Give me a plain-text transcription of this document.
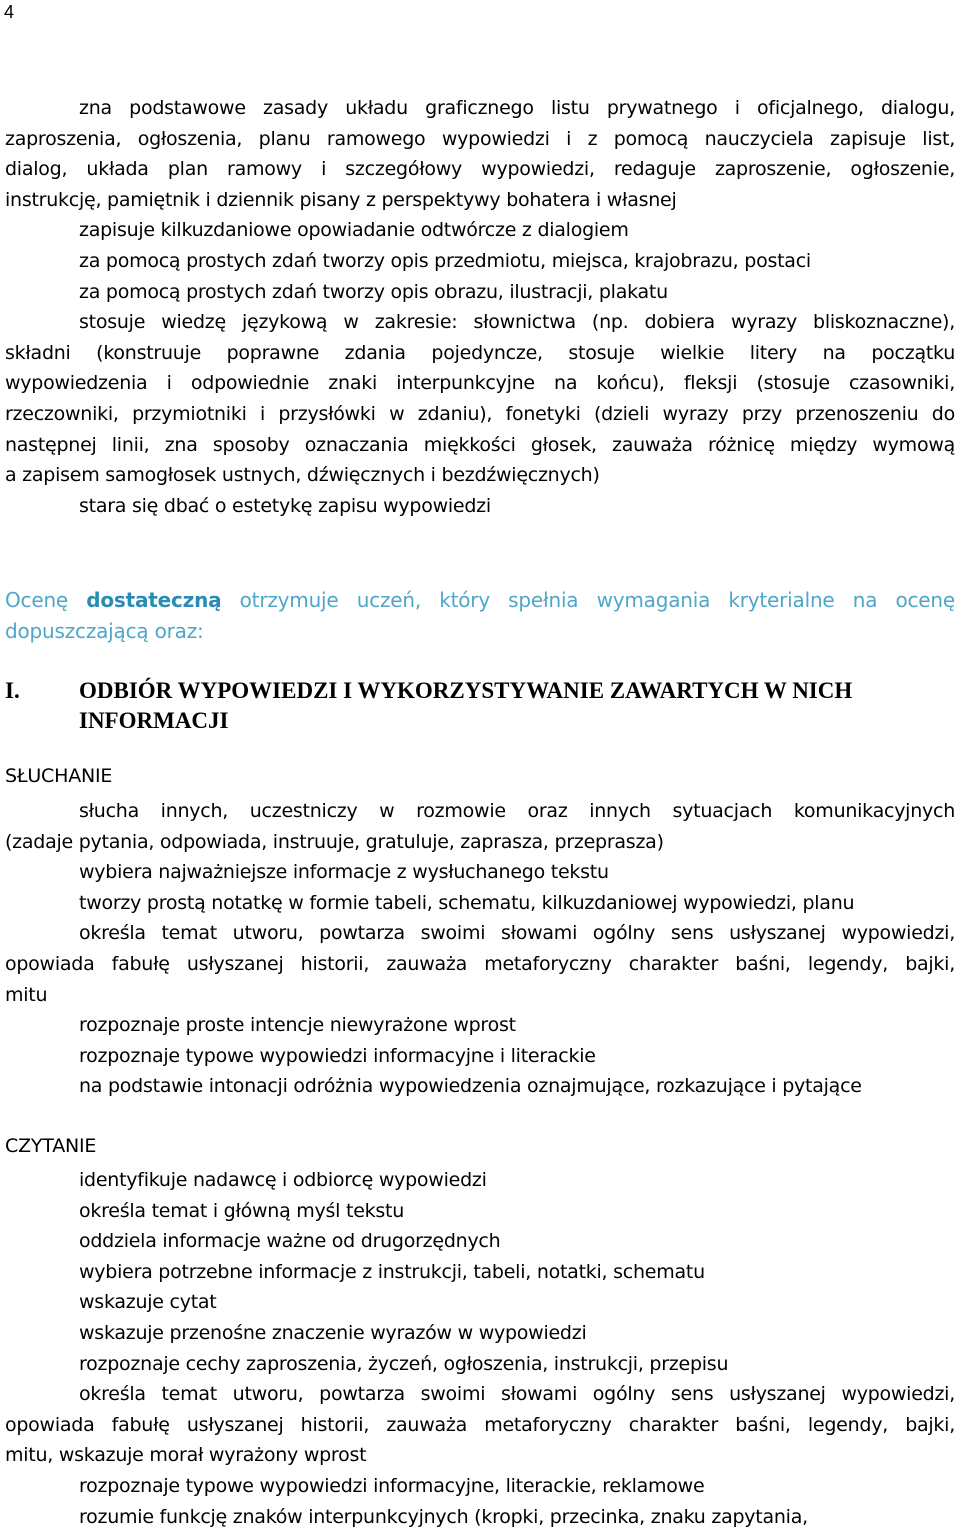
4
zna podstawowe zasady układu graficznego listu prywatnego i oficjalnego, dialogu,
zaproszenia, ogłoszenia, planu ramowego wypowiedzi i z pomocą nauczyciela zapisuje list,
dialog, układa plan ramowy i szczegółowy wypowiedzi, redaguje zaproszenie, ogłoszenie,
instrukcję, pamiętnik i dziennik pisany z perspektywy bohatera i własnej
zapisuje kilkuzdaniowe opowiadanie odtwórcze z dialogiem
za pomocą prostych zdań tworzy opis przedmiotu, miejsca, krajobrazu, postaci
za pomocą prostych zdań tworzy opis obrazu, ilustracji, plakatu
stosuje wiedzę językową w zakresie: słownictwa (np. dobiera wyrazy bliskoznaczne),
składni (konstruuje poprawne zdania pojedyncze, stosuje wielkie litery na początku
wypowiedzenia i odpowiednie znaki interpunkcyjne na końcu), fleksji (stosuje czasowniki,
rzeczowniki, przymiotniki i przysłówki w zdaniu), fonetyki (dzieli wyrazy przy przenoszeniu do
następnej linii, zna sposoby oznaczania miękkości głosek, zauważa różnicę między wymową
a zapisem samogłosek ustnych, dźwięcznych i bezdźwięcznych)
stara się dbać o estetykę zapisu wypowiedzi
Ocenę dostateczną otrzymuje uczeń, który spełnia wymagania kryterialne na ocenę
dopuszczającą oraz:
I.	ODBIÓR WYPOWIEDZI I WYKORZYSTYWANIE ZAWARTYCH W NICH
INFORMACJI
SŁUCHANIE
słucha innych, uczestniczy w rozmowie oraz innych sytuacjach komunikacyjnych
(zadaje pytania, odpowiada, instruuje, gratuluje, zaprasza, przeprasza)
wybiera najważniejsze informacje z wysłuchanego tekstu
tworzy prostą notatkę w formie tabeli, schematu, kilkuzdaniowej wypowiedzi, planu
określa temat utworu, powtarza swoimi słowami ogólny sens usłyszanej wypowiedzi,
opowiada fabułę usłyszanej historii, zauważa metaforyczny charakter baśni, legendy, bajki,
mitu
rozpoznaje proste intencje niewyrażone wprost
rozpoznaje typowe wypowiedzi informacyjne i literackie
na podstawie intonacji odróżnia wypowiedzenia oznajmujące, rozkazujące i pytające
CZYTANIE
identyfikuje nadawcę i odbiorcę wypowiedzi
określa temat i główną myśl tekstu
oddziela informacje ważne od drugorzędnych
wybiera potrzebne informacje z instrukcji, tabeli, notatki, schematu
wskazuje cytat
wskazuje przenośne znaczenie wyrazów w wypowiedzi
rozpoznaje cechy zaproszenia, życzeń, ogłoszenia, instrukcji, przepisu
określa temat utworu, powtarza swoimi słowami ogólny sens usłyszanej wypowiedzi,
opowiada fabułę usłyszanej historii, zauważa metaforyczny charakter baśni, legendy, bajki,
mitu, wskazuje morał wyrażony wprost
rozpoznaje typowe wypowiedzi informacyjne, literackie, reklamowe
rozumie funkcję znaków interpunkcyjnych (kropki, przecinka, znaku zapytania,
